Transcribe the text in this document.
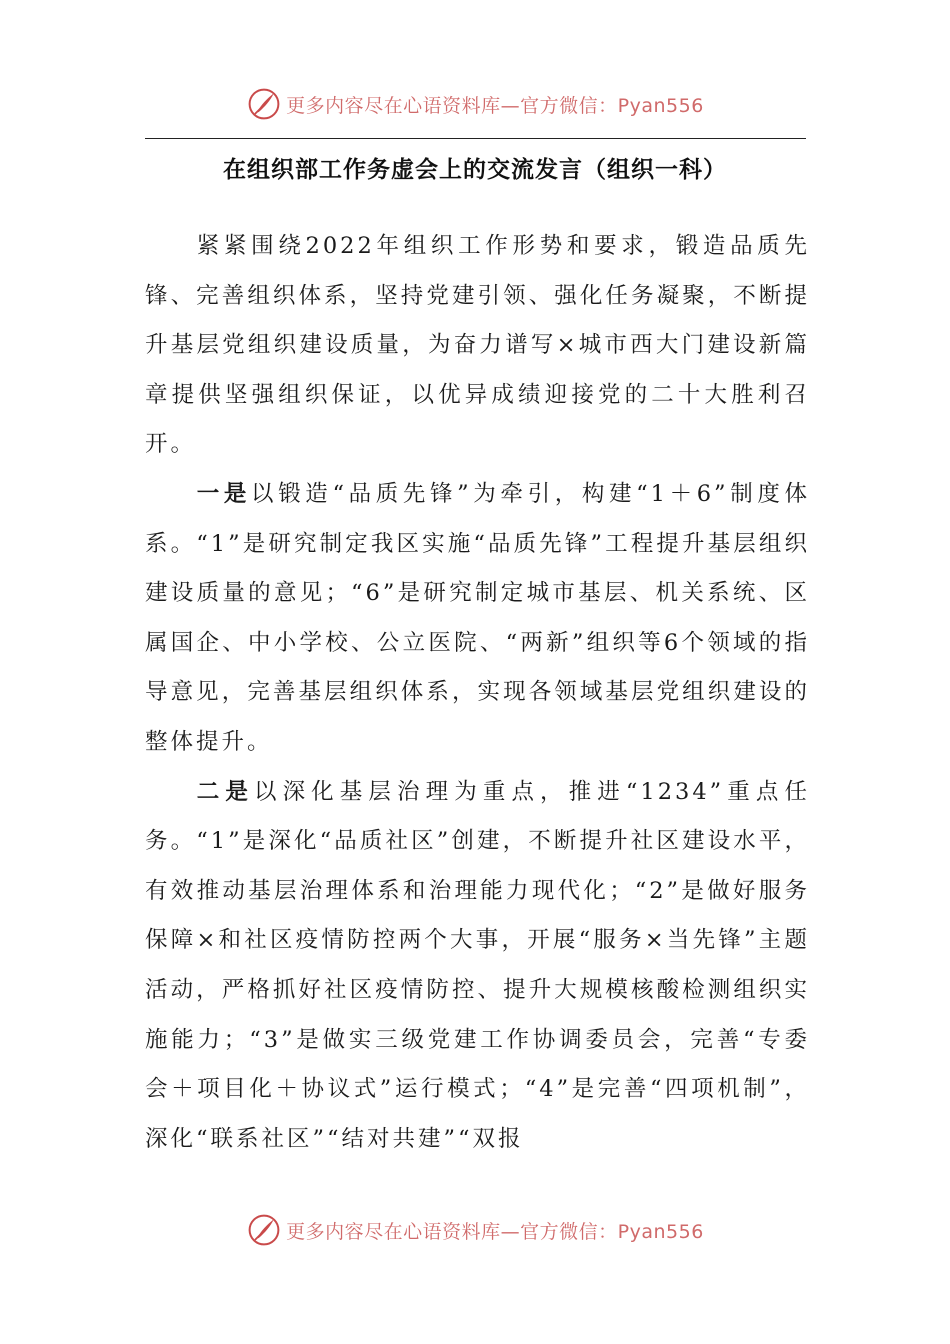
更多内容尽在心语资料库—官方微信：Pyan556
在组织部工作务虚会上的交流发言（组织一科）

紧紧围绕2022年组织工作形势和要求，锻造品质先锋、完善组织体系，坚持党建引领、强化任务凝聚，不断提升基层党组织建设质量，为奋力谱写×城市西大门建设新篇章提供坚强组织保证，以优异成绩迎接党的二十大胜利召开。

一是以锻造“品质先锋”为牵引，构建“1＋6”制度体系。“1”是研究制定我区实施“品质先锋”工程提升基层组织建设质量的意见；“6”是研究制定城市基层、机关系统、区属国企、中小学校、公立医院、“两新”组织等6个领域的指导意见，完善基层组织体系，实现各领域基层党组织建设的整体提升。

二是以深化基层治理为重点，推进“1234”重点任务。“1”是深化“品质社区”创建，不断提升社区建设水平，有效推动基层治理体系和治理能力现代化；“2”是做好服务保障×和社区疫情防控两个大事，开展“服务×当先锋”主题活动，严格抓好社区疫情防控、提升大规模核酸检测组织实施能力；“3”是做实三级党建工作协调委员会，完善“专委会＋项目化＋协议式”运行模式；“4”是完善“四项机制”，深化“联系社区”“结对共建”“双报

更多内容尽在心语资料库—官方微信：Pyan556
